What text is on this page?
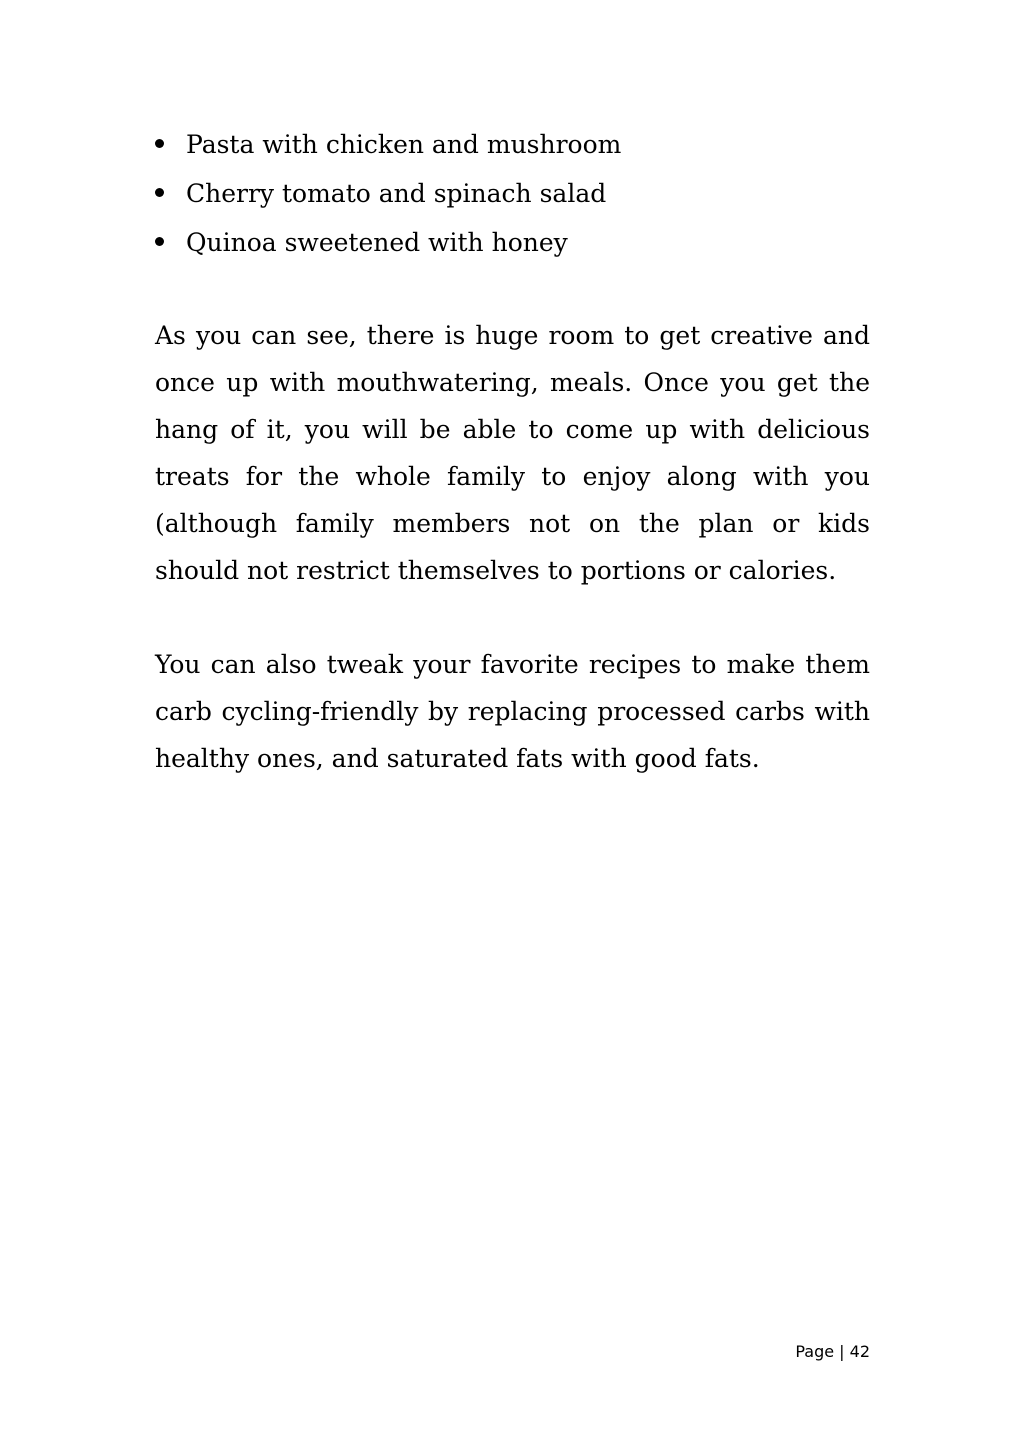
Pasta with chicken and mushroom
Cherry tomato and spinach salad
Quinoa sweetened with honey

As you can see, there is huge room to get creative and once up with mouthwatering, meals. Once you get the hang of it, you will be able to come up with delicious treats for the whole family to enjoy along with you (although family members not on the plan or kids should not restrict themselves to portions or calories.

You can also tweak your favorite recipes to make them carb cycling-friendly by replacing processed carbs with healthy ones, and saturated fats with good fats.

Page | 42
